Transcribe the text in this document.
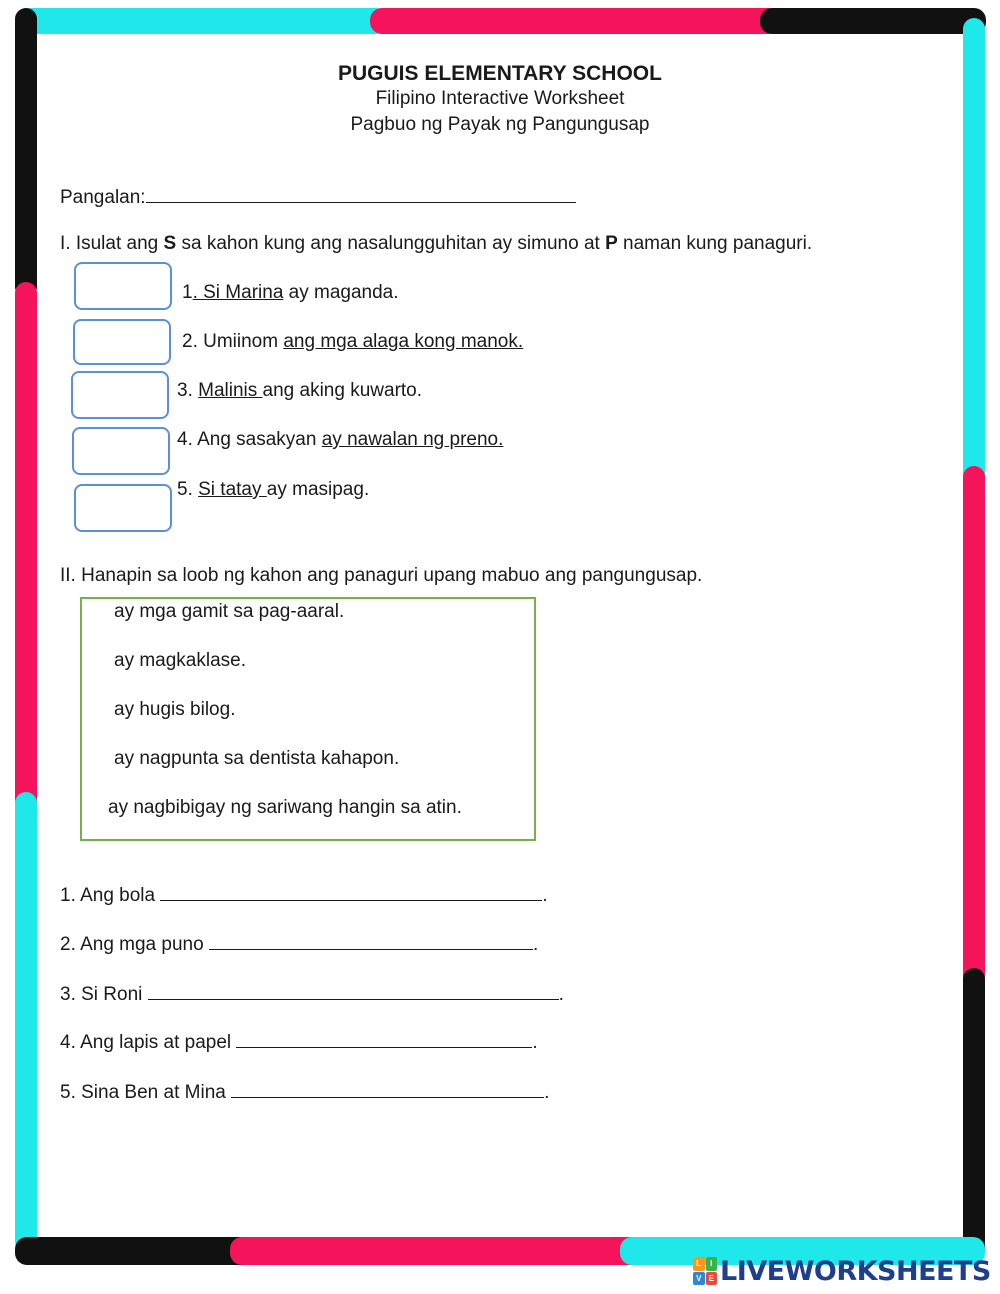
PUGUIS ELEMENTARY SCHOOL
Filipino Interactive Worksheet
Pagbuo ng Payak ng Pangungusap
Pangalan:
I. Isulat ang S sa kahon kung ang nasalungguhitan ay simuno at P naman kung panaguri.
1. Si Marina ay maganda.
2. Umiinom ang mga alaga kong manok.
3. Malinis ang aking kuwarto.
4. Ang sasakyan ay nawalan ng preno.
5. Si tatay ay masipag.
II. Hanapin sa loob ng kahon ang panaguri upang mabuo ang pangungusap.
ay mga gamit sa pag-aaral.
ay magkaklase.
ay hugis bilog.
ay nagpunta sa dentista kahapon.
ay nagbibigay ng sariwang hangin sa atin.
1. Ang bola	.
2. Ang mga puno	.
3. Si Roni	.
4. Ang lapis at papel	.
5. Sina Ben at Mina	.
L	I
V E LIVEWORKSHEETS
